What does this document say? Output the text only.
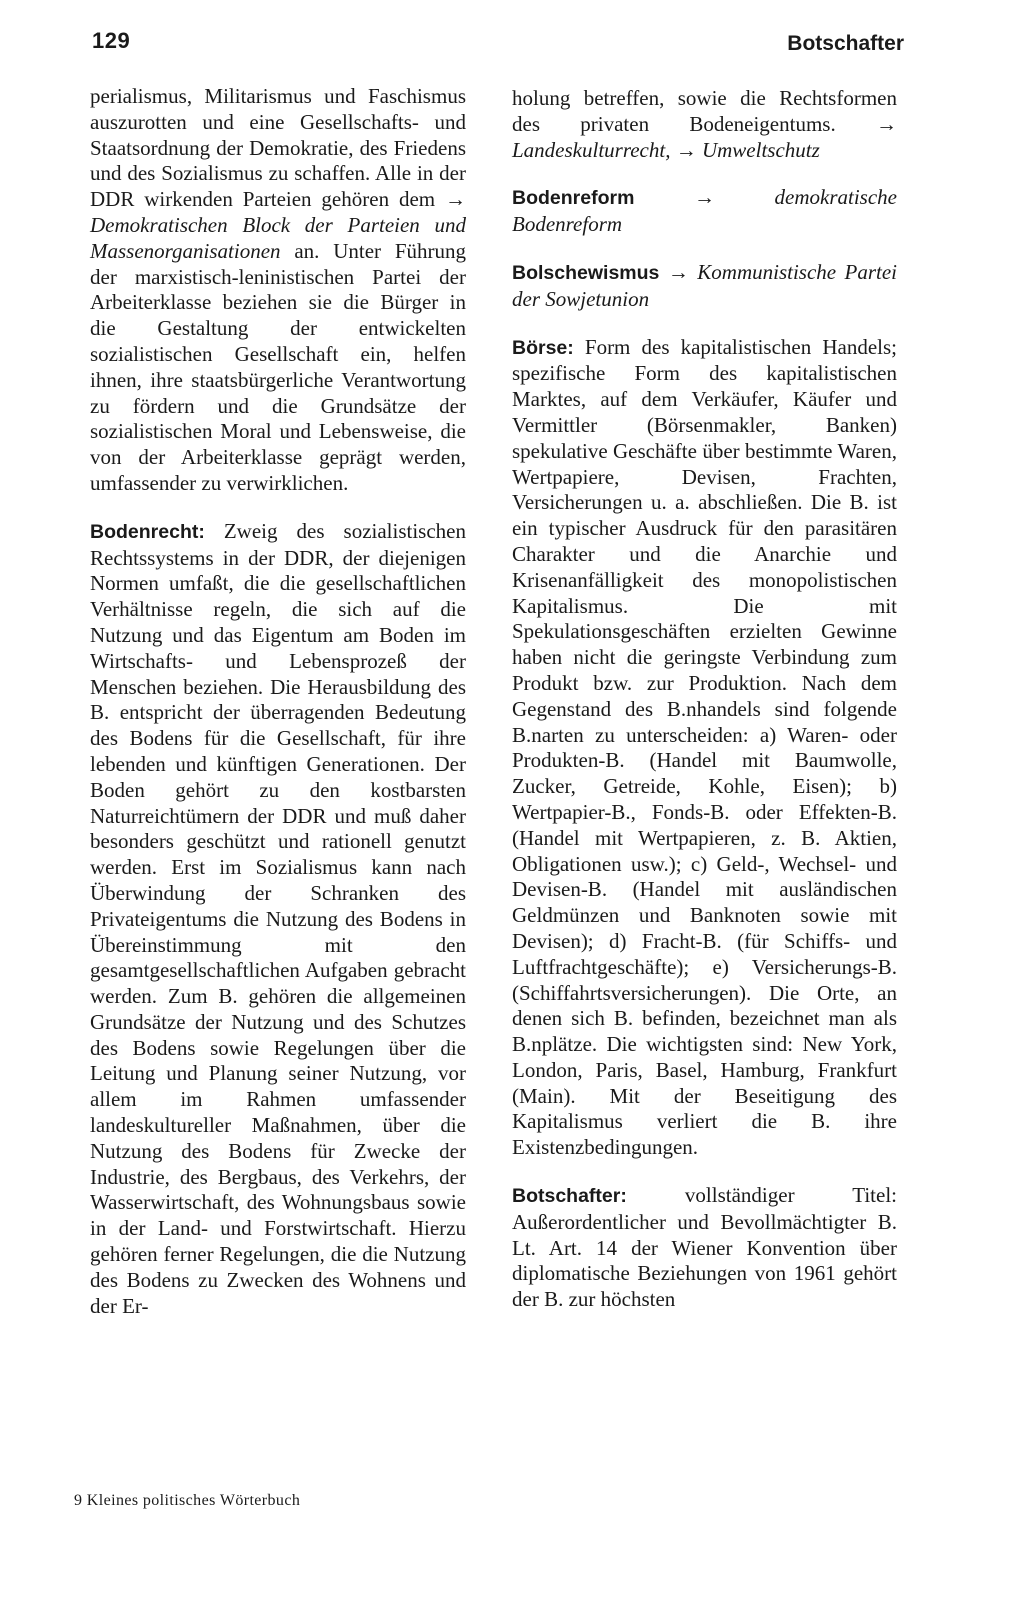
129	Botschafter

perialismus, Militarismus und Faschismus auszurotten und eine Gesellschafts- und Staatsordnung der Demokratie, des Friedens und des Sozialismus zu schaffen. Alle in der DDR wirkenden Parteien gehören dem → Demokratischen Block der Parteien und Massenorganisationen an. Unter Führung der marxistisch-leninistischen Partei der Arbeiterklasse beziehen sie die Bürger in die Gestaltung der entwickelten sozialistischen Gesellschaft ein, helfen ihnen, ihre staatsbürgerliche Verantwortung zu fördern und die Grundsätze der sozialistischen Moral und Lebensweise, die von der Arbeiterklasse geprägt werden, umfassender zu verwirklichen.

Bodenrecht: Zweig des sozialistischen Rechtssystems in der DDR, der diejenigen Normen umfaßt, die die gesellschaftlichen Verhältnisse regeln, die sich auf die Nutzung und das Eigentum am Boden im Wirtschafts- und Lebensprozeß der Menschen beziehen. Die Herausbildung des B. entspricht der überragenden Bedeutung des Bodens für die Gesellschaft, für ihre lebenden und künftigen Generationen. Der Boden gehört zu den kostbarsten Naturreichtümern der DDR und muß daher besonders geschützt und rationell genutzt werden. Erst im Sozialismus kann nach Überwindung der Schranken des Privateigentums die Nutzung des Bodens in Übereinstimmung mit den gesamtgesellschaftlichen Aufgaben gebracht werden. Zum B. gehören die allgemeinen Grundsätze der Nutzung und des Schutzes des Bodens sowie Regelungen über die Leitung und Planung seiner Nutzung, vor allem im Rahmen umfassender landeskultureller Maßnahmen, über die Nutzung des Bodens für Zwecke der Industrie, des Bergbaus, des Verkehrs, der Wasserwirtschaft, des Wohnungsbaus sowie in der Land- und Forstwirtschaft. Hierzu gehören ferner Regelungen, die die Nutzung des Bodens zu Zwecken des Wohnens und der Er-

holung betreffen, sowie die Rechtsformen des privaten Bodeneigentums. → Landeskulturrecht, → Umweltschutz

Bodenreform	→	demokratische Bodenreform

Bolschewismus → Kommunistische Partei der Sowjetunion

Börse: Form des kapitalistischen Handels; spezifische Form des kapitalistischen Marktes, auf dem Verkäufer, Käufer und Vermittler (Börsenmakler, Banken) spekulative Geschäfte über bestimmte Waren, Wertpapiere, Devisen, Frachten, Versicherungen u. a. abschließen. Die B. ist ein typischer Ausdruck für den parasitären Charakter und die Anarchie und Krisenanfälligkeit des monopolistischen Kapitalismus. Die mit Spekulationsgeschäften erzielten Gewinne haben nicht die geringste Verbindung zum Produkt bzw. zur Produktion. Nach dem Gegenstand des B.nhandels sind folgende B.narten zu unterscheiden: a) Waren- oder Produkten-B. (Handel mit Baumwolle, Zucker, Getreide, Kohle, Eisen); b) Wertpapier-B., Fonds-B. oder Effekten-B. (Handel mit Wertpapieren, z. B. Aktien, Obligationen usw.); c) Geld-, Wechsel- und Devisen-B. (Handel mit ausländischen Geldmünzen und Banknoten sowie mit Devisen); d) Fracht-B. (für Schiffs- und Luftfrachtgeschäfte); e) Versicherungs-B. (Schiffahrtsversicherungen). Die Orte, an denen sich B. befinden, bezeichnet man als B.nplätze. Die wichtigsten sind: New York, London, Paris, Basel, Hamburg, Frankfurt (Main). Mit der Beseitigung des Kapitalismus verliert die B. ihre Existenzbedingungen.

Botschafter: vollständiger Titel: Außerordentlicher und Bevollmächtigter B. Lt. Art. 14 der Wiener Konvention über diplomatische Beziehungen von 1961 gehört der B. zur höchsten

9 Kleines politisches Wörterbuch
